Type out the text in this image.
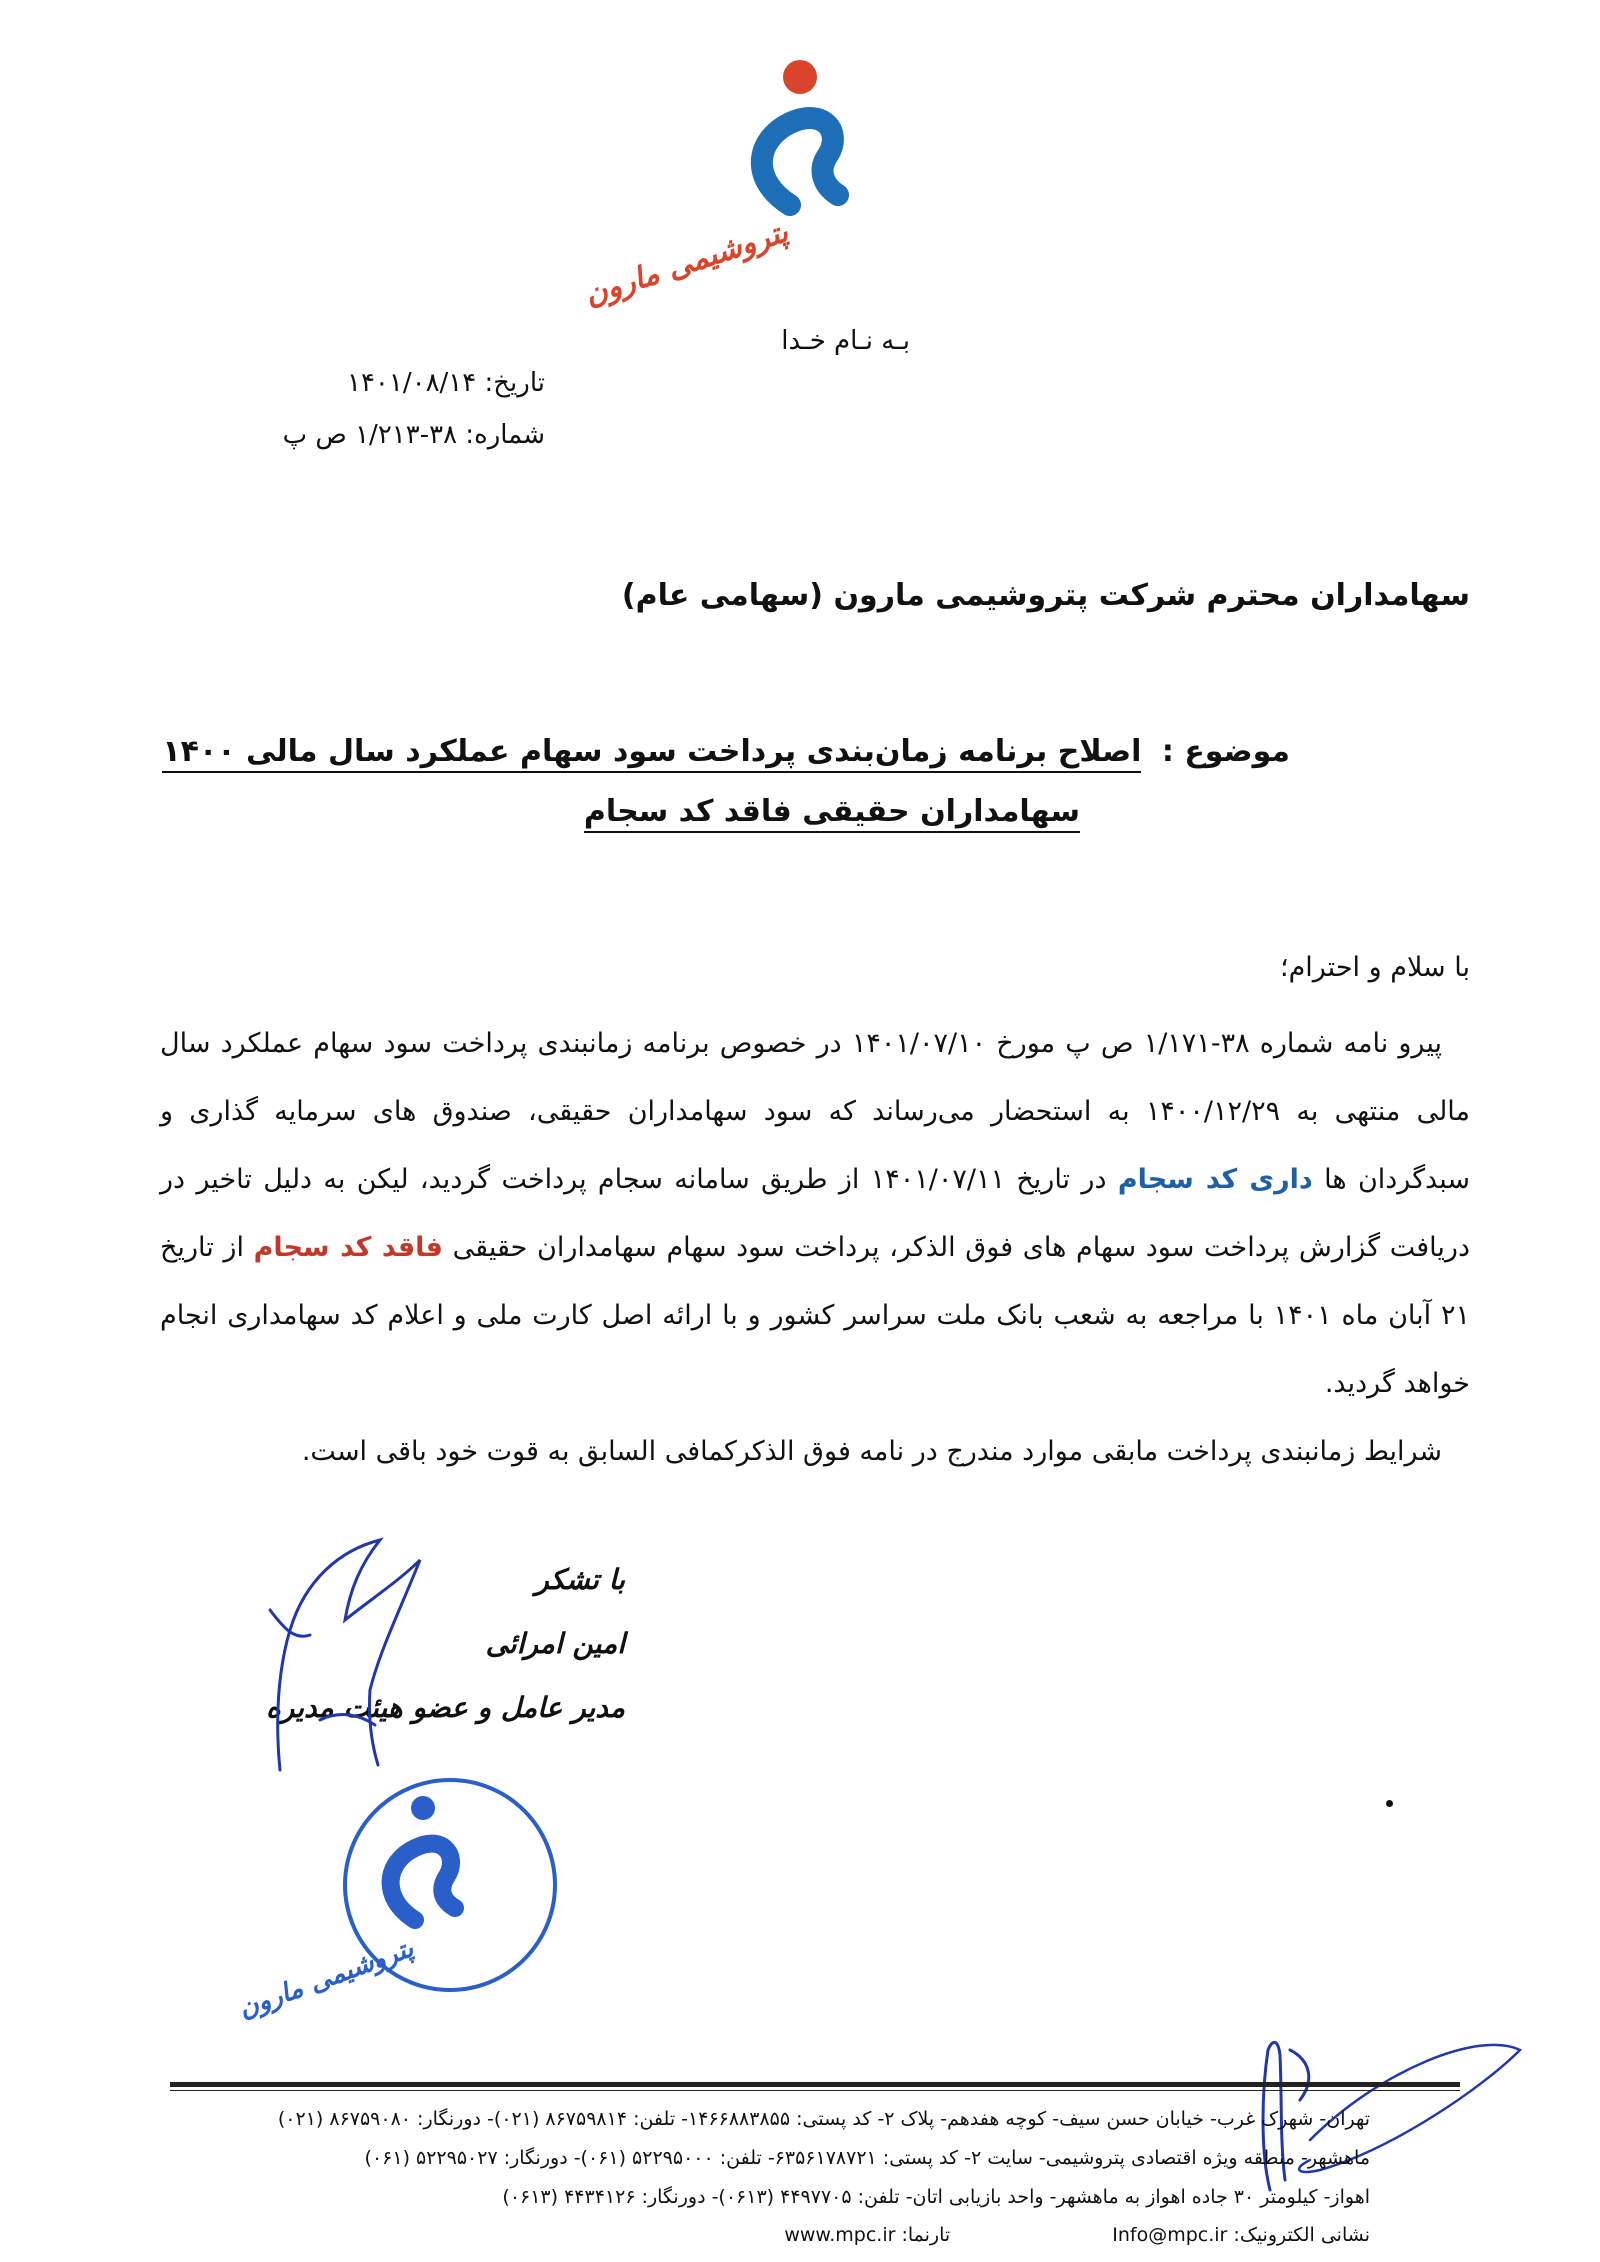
MPC
پتروشیمی مارون
بـه نـام خـدا
تاریخ: ۱۴۰۱/۰۸/۱۴
شماره: ۳۸-۱/۲۱۳ ص پ
سهامداران محترم شرکت پتروشیمی مارون (سهامی عام)
موضوع : اصلاح برنامه زمان‌بندی پرداخت سود سهام عملکرد سال مالی ۱۴۰۰
سهامداران حقیقی فاقد کد سجام
با سلام و احترام؛

پیرو نامه شماره ۳۸-۱/۱۷۱ ص پ مورخ ۱۴۰۱/۰۷/۱۰ در خصوص برنامه زمانبندی پرداخت سود سهام عملکرد سال مالی منتهی به ۱۴۰۰/۱۲/۲۹ به استحضار می‌رساند که سود سهامداران حقیقی، صندوق های سرمایه گذاری و سبدگردان ها داری کد سجام در تاریخ ۱۴۰۱/۰۷/۱۱ از طریق سامانه سجام پرداخت گردید، لیکن به دلیل تاخیر در دریافت گزارش پرداخت سود سهام های فوق الذکر، پرداخت سود سهام سهامداران حقیقی فاقد کد سجام از تاریخ ۲۱ آبان ماه ۱۴۰۱ با مراجعه به شعب بانک ملت سراسر کشور و با ارائه اصل کارت ملی و اعلام کد سهامداری انجام خواهد گردید.

شرایط زمانبندی پرداخت مابقی موارد مندرج در نامه فوق الذکرکمافی السابق به قوت خود باقی است.

با تشکر
امین امرائی
مدیر عامل و عضو هیئت مدیره
MPC
پتروشیمی مارون
تهران- شهرک غرب- خیابان حسن سیف- کوچه هفدهم- پلاک ۲- کد پستی: ۱۴۶۶۸۸۳۸۵۵- تلفن: ۸۶۷۵۹۸۱۴ (۰۲۱)- دورنگار: ۸۶۷۵۹۰۸۰ (۰۲۱)
ماهشهر- منطقه ویژه اقتصادی پتروشیمی- سایت ۲- کد پستی: ۶۳۵۶۱۷۸۷۲۱- تلفن: ۵۲۲۹۵۰۰۰ (۰۶۱)- دورنگار: ۵۲۲۹۵۰۲۷ (۰۶۱)
اهواز- کیلومتر ۳۰ جاده اهواز به ماهشهر- واحد بازیابی اتان- تلفن: ۴۴۹۷۷۰۵ (۰۶۱۳)- دورنگار: ۴۴۳۴۱۲۶ (۰۶۱۳)
نشانی الکترونیک: Info@mpc.ir  تارنما: www.mpc.ir
